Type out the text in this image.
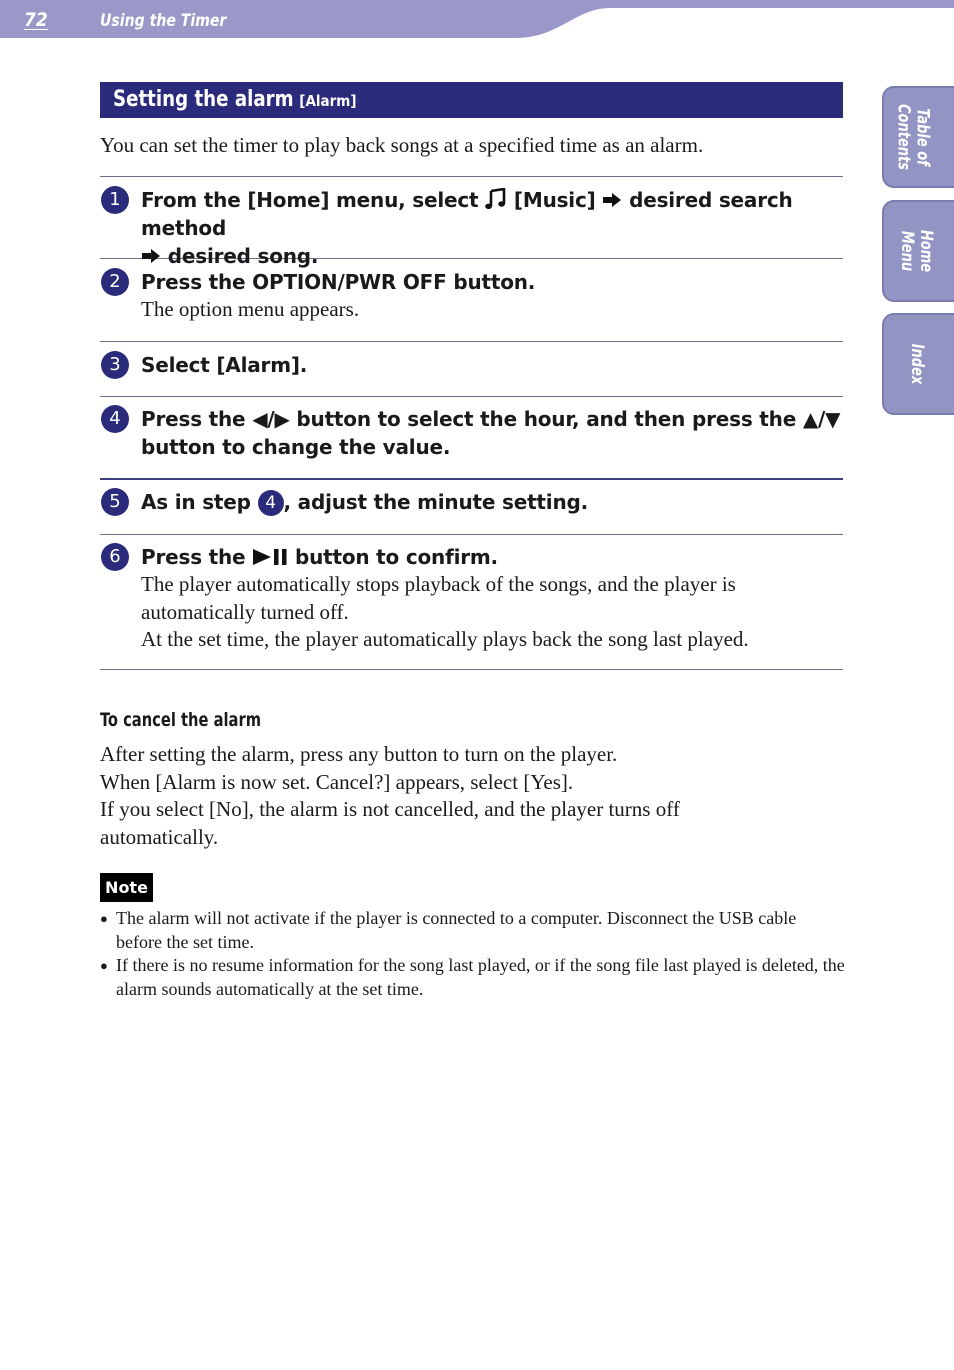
72	Using the Timer
Table of
Contents
Home
Menu
Index
Setting the alarm [Alarm]
You can set the timer to play back songs at a specified time as an alarm.
1	From the [Home] menu, select [Music] desired search method
desired song.
2	Press the OPTION/PWR OFF button.
The option menu appears.
3	Select [Alarm].
4	Press the ◀/▶ button to select the hour, and then press the ▲/▼
button to change the value.
5	As in step 4 , adjust the minute setting.
6	Press the button to confirm.
The player automatically stops playback of the songs, and the player is automatically turned off.
At the set time, the player automatically plays back the song last played.
To cancel the alarm
After setting the alarm, press any button to turn on the player.
When [Alarm is now set. Cancel?] appears, select [Yes].
If you select [No], the alarm is not cancelled, and the player turns off automatically.
Note
● The alarm will not activate if the player is connected to a computer. Disconnect the USB cable before the set time.
● If there is no resume information for the song last played, or if the song file last played is deleted, the alarm sounds automatically at the set time.
